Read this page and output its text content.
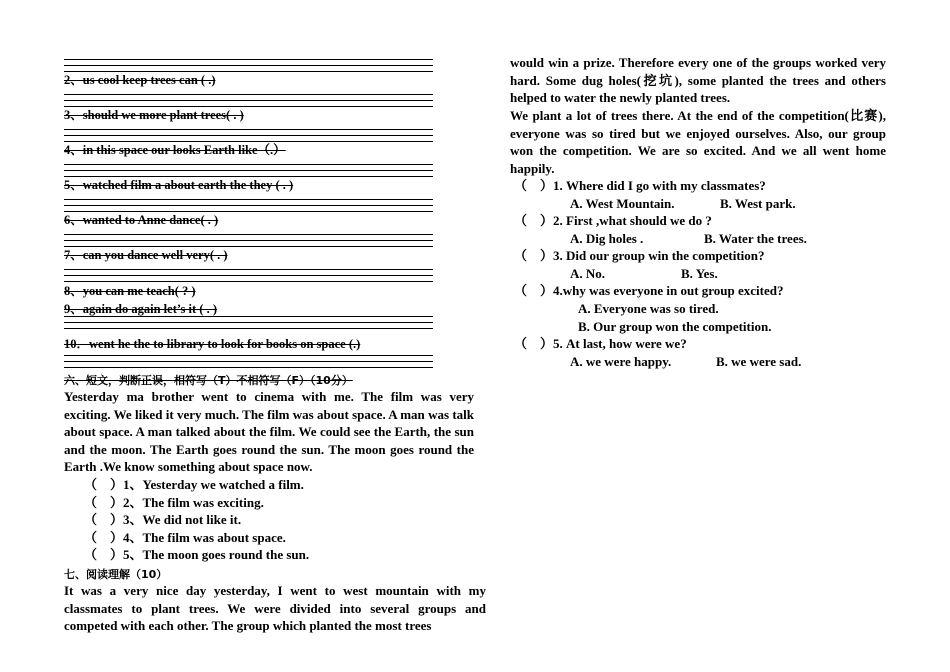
2、us cool keep trees can ( .)
3、should we more plant trees( . )
4、in this space our looks Earth like（.）
5、watched film a about earth the they ( . )
6、wanted to Anne dance( . )
7、can you dance well very( . )
8、you can me teach( ? )
9、again do again let’s it ( . )
10．went he the to library to look for books on space (.)
六、短文，判断正误，相符写（T）不相符写（F）（10分）
Yesterday ma brother went to cinema with me. The film was very exciting. We liked it very much. The film was about space. A man was talk about space. A man talked about the film. We could see the Earth, the sun and the moon. The Earth goes round the sun. The moon goes round the Earth .We know something about space now.
（　）1、Yesterday we watched a film.
（　）2、The film was exciting.
（　）3、We did not like it.
（　）4、The film was about space.
（　）5、The moon goes round the sun.
七、阅读理解（10）
It was a very nice day yesterday, I went to west mountain with my classmates to plant trees. We were divided into several groups and competed with each other. The group which planted the most trees
would win a prize. Therefore every one of the groups worked very hard. Some dug holes(挖坑), some planted the trees and others helped to water the newly planted trees.
We plant a lot of trees there. At the end of the competition(比赛), everyone was so tired but we enjoyed ourselves. Also, our group won the competition. We are so excited. And we all went home happily.
（　）1. Where did I go with my classmates?
A. West Mountain.	B. West park.
（　）2. First ,what should we do ?
A. Dig holes .	B. Water the trees.
（　）3. Did our group win the competition?
A. No.	B. Yes.
（　）4.why was everyone in out group excited?
A. Everyone was so tired.
B. Our group won the competition.
（　）5. At last, how were we?
A. we were happy.	B. we were sad.
